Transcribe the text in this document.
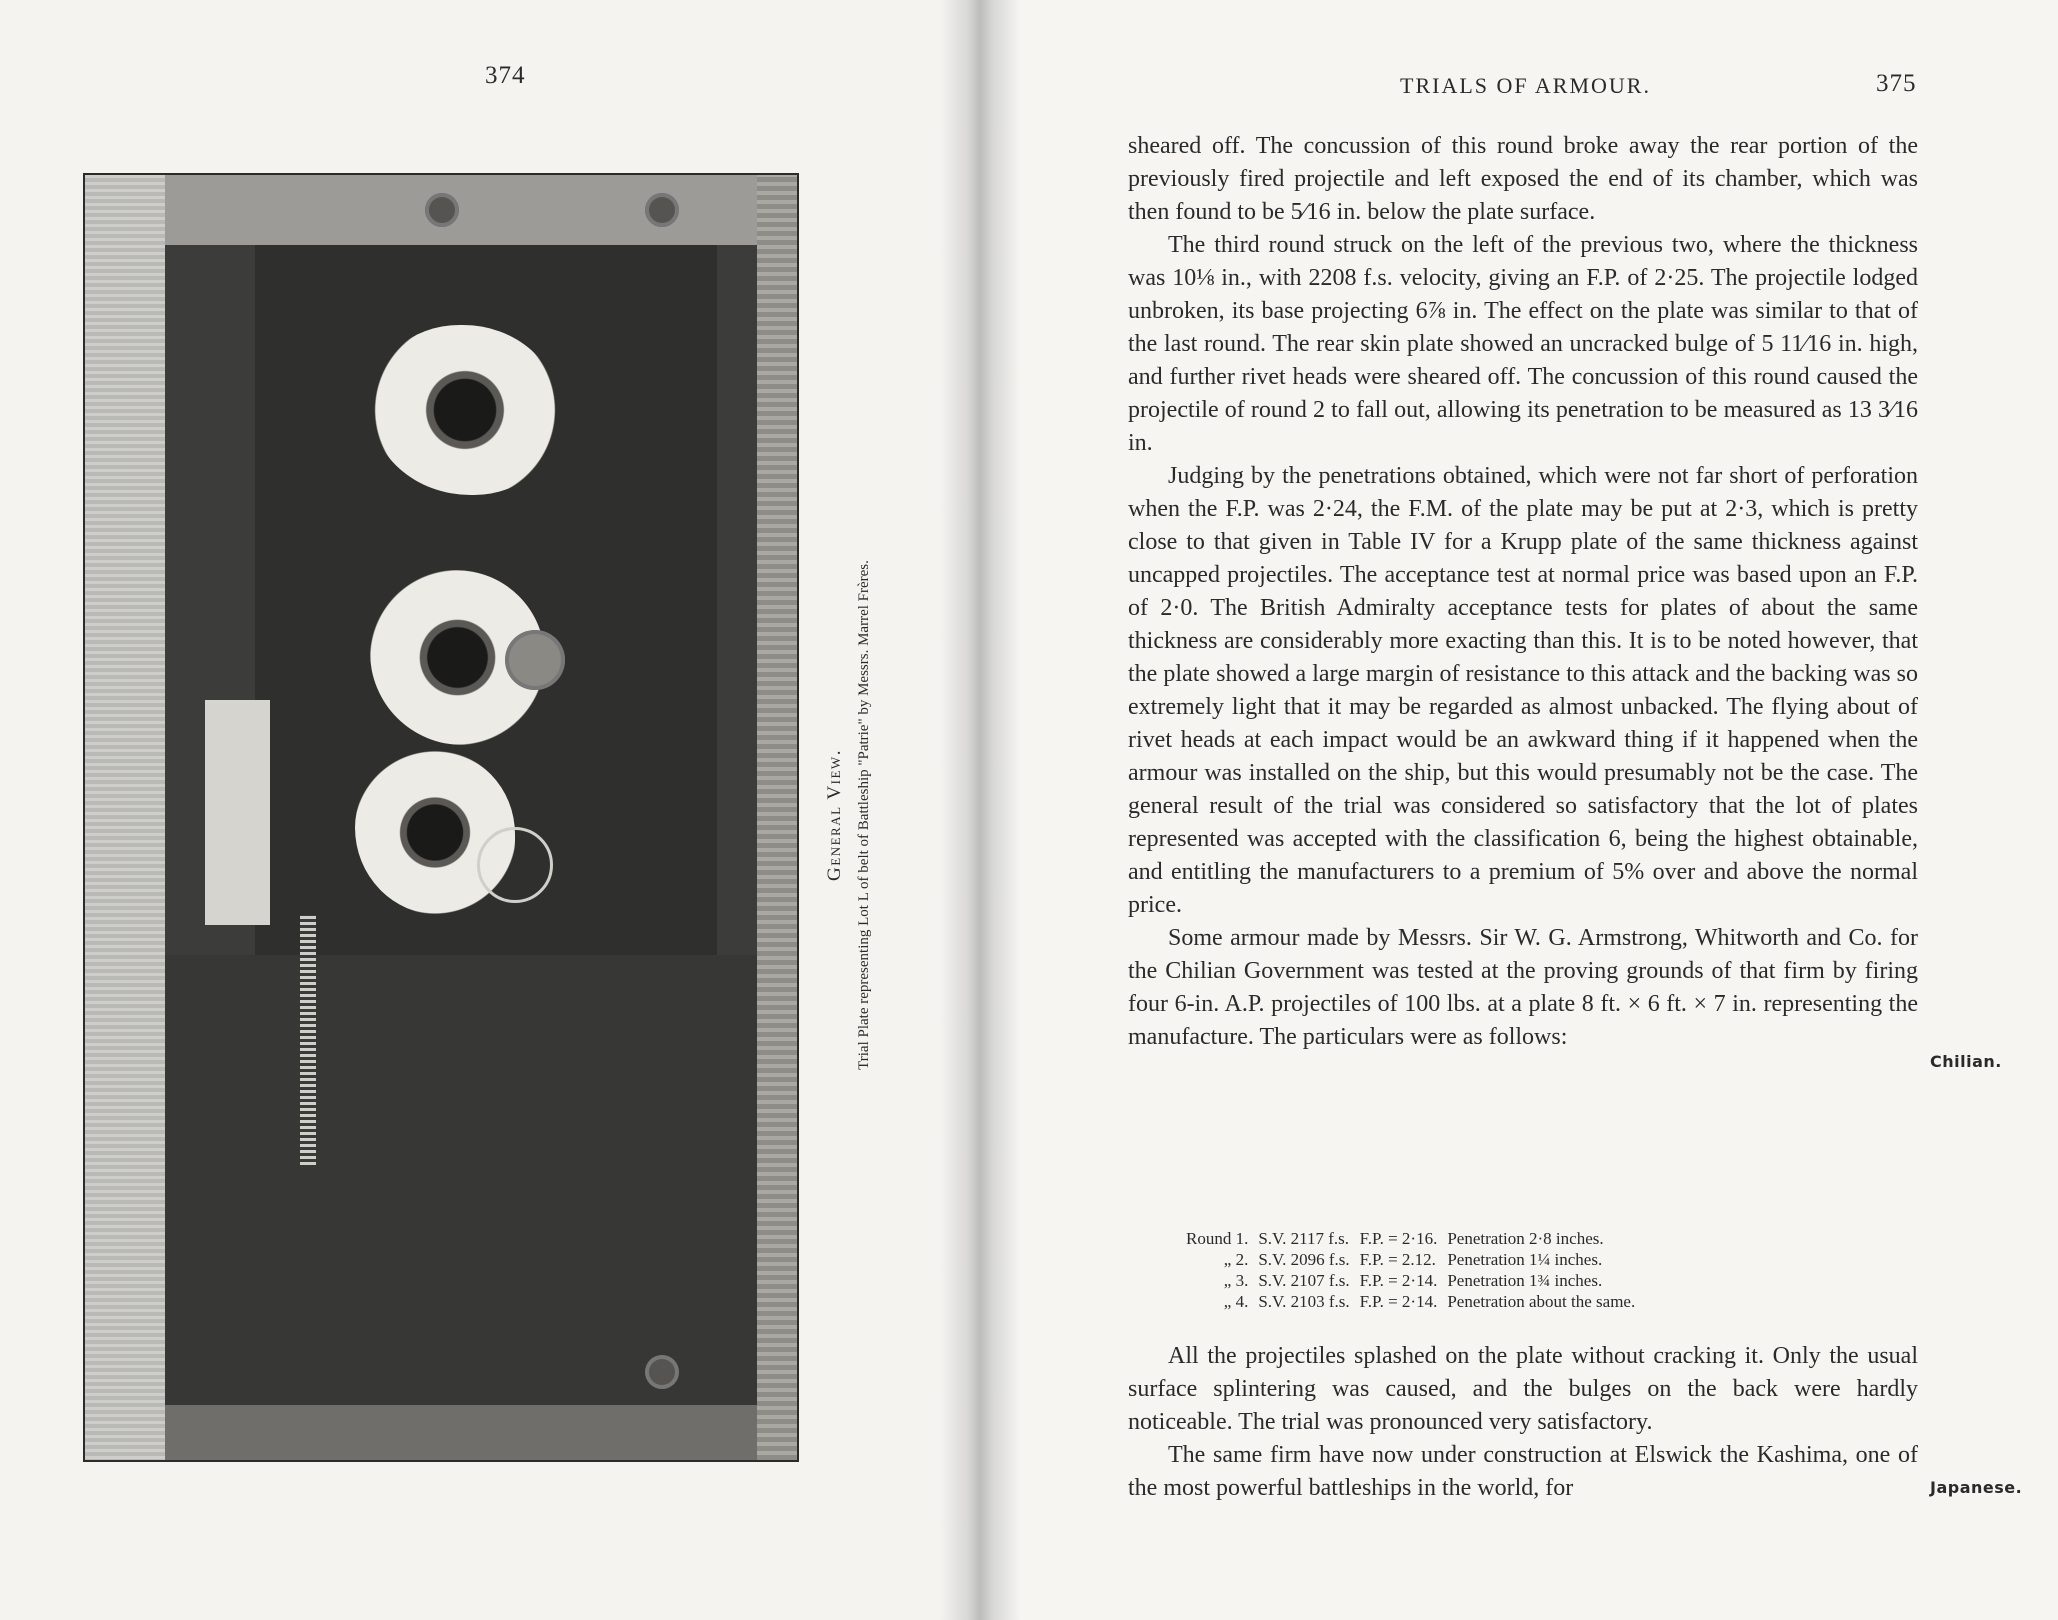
374
General View. Trial Plate representing Lot L of belt of Battleship "Patrie" by Messrs. Marrel Frères.
TRIALS OF ARMOUR.	375

sheared off. The concussion of this round broke away the rear portion of the previously fired projectile and left exposed the end of its chamber, which was then found to be 5⁄16 in. below the plate surface.

The third round struck on the left of the previous two, where the thickness was 10⅛ in., with 2208 f.s. velocity, giving an F.P. of 2·25. The projectile lodged unbroken, its base projecting 6⅞ in. The effect on the plate was similar to that of the last round. The rear skin plate showed an uncracked bulge of 5 11⁄16 in. high, and further rivet heads were sheared off. The concussion of this round caused the projectile of round 2 to fall out, allowing its penetration to be measured as 13 3⁄16 in.

Judging by the penetrations obtained, which were not far short of perforation when the F.P. was 2·24, the F.M. of the plate may be put at 2·3, which is pretty close to that given in Table IV for a Krupp plate of the same thickness against uncapped projectiles. The acceptance test at normal price was based upon an F.P. of 2·0. The British Admiralty acceptance tests for plates of about the same thickness are considerably more exacting than this. It is to be noted however, that the plate showed a large margin of resistance to this attack and the backing was so extremely light that it may be regarded as almost unbacked. The flying about of rivet heads at each impact would be an awkward thing if it happened when the armour was installed on the ship, but this would presumably not be the case. The general result of the trial was considered so satisfactory that the lot of plates represented was accepted with the classification 6, being the highest obtainable, and entitling the manufacturers to a premium of 5% over and above the normal price.

Some armour made by Messrs. Sir W. G. Armstrong, Whitworth and Co. for the Chilian Government was tested at the proving grounds of that firm by firing four 6-in. A.P. projectiles of 100 lbs. at a plate 8 ft. × 6 ft. × 7 in. representing the manufacture. The particulars were as follows:

Chilian.
Round 1.	S.V. 2117 f.s.	F.P. = 2·16.	Penetration 2·8 inches.
„ 2.	S.V. 2096 f.s.	F.P. = 2.12.	Penetration 1¼ inches.
„ 3.	S.V. 2107 f.s.	F.P. = 2·14.	Penetration 1¾ inches.
„ 4.	S.V. 2103 f.s.	F.P. = 2·14.	Penetration about the same.

All the projectiles splashed on the plate without cracking it. Only the usual surface splintering was caused, and the bulges on the back were hardly noticeable. The trial was pronounced very satisfactory.

The same firm have now under construction at Elswick the Kashima, one of the most powerful battleships in the world, for	Japanese.
